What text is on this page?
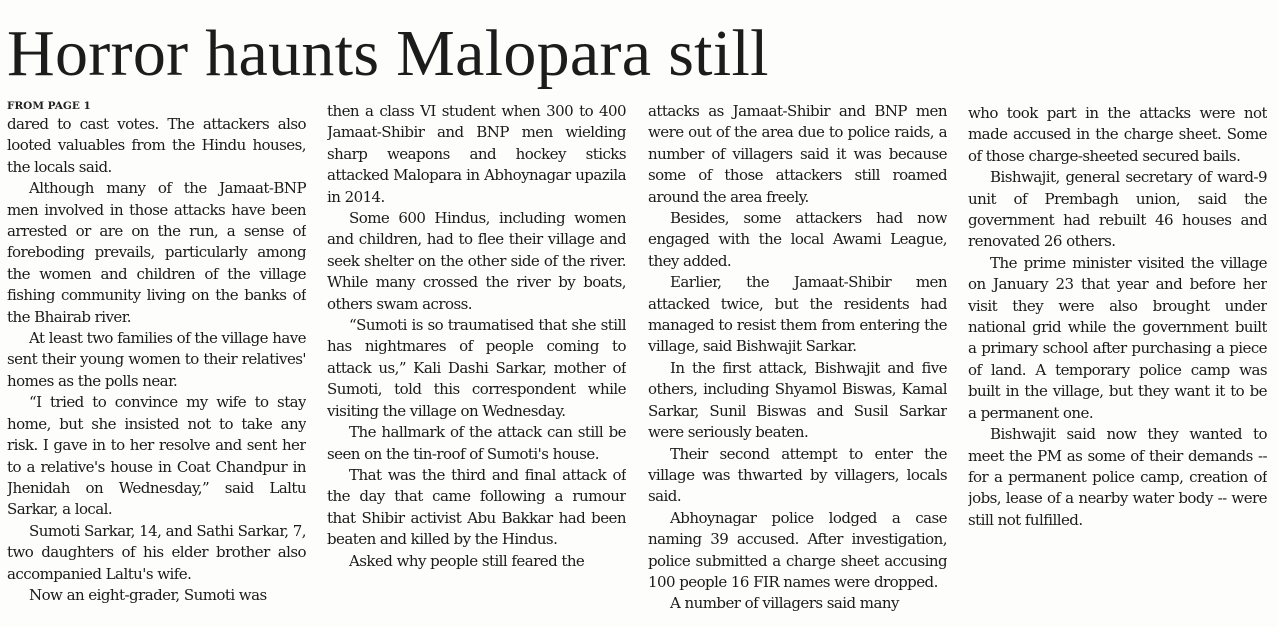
Horror haunts Malopara still
FROM PAGE 1

dared to cast votes. The attackers also looted valuables from the Hindu houses, the locals said.

Although many of the Jamaat-BNP men involved in those attacks have been arrested or are on the run, a sense of foreboding prevails, particularly among the women and children of the village fishing community living on the banks of the Bhairab river.

At least two families of the village have sent their young women to their relatives' homes as the polls near.

“I tried to convince my wife to stay home, but she insisted not to take any risk. I gave in to her resolve and sent her to a relative's house in Coat Chandpur in Jhenidah on Wednesday,” said Laltu Sarkar, a local.

Sumoti Sarkar, 14, and Sathi Sarkar, 7, two daughters of his elder brother also accompanied Laltu's wife.

Now an eight-grader, Sumoti was

then a class VI student when 300 to 400 Jamaat-Shibir and BNP men wielding sharp weapons and hockey sticks attacked Malopara in Abhoynagar upazila in 2014.

Some 600 Hindus, including women and children, had to flee their village and seek shelter on the other side of the river. While many crossed the river by boats, others swam across.

“Sumoti is so traumatised that she still has nightmares of people coming to attack us,” Kali Dashi Sarkar, mother of Sumoti, told this correspondent while visiting the village on Wednesday.

The hallmark of the attack can still be seen on the tin-roof of Sumoti's house.

That was the third and final attack of the day that came following a rumour that Shibir activist Abu Bakkar had been beaten and killed by the Hindus.

Asked why people still feared the

attacks as Jamaat-Shibir and BNP men were out of the area due to police raids, a number of villagers said it was because some of those attackers still roamed around the area freely.

Besides, some attackers had now engaged with the local Awami League, they added.

Earlier, the Jamaat-Shibir men attacked twice, but the residents had managed to resist them from entering the village, said Bishwajit Sarkar.

In the first attack, Bishwajit and five others, including Shyamol Biswas, Kamal Sarkar, Sunil Biswas and Susil Sarkar were seriously beaten.

Their second attempt to enter the village was thwarted by villagers, locals said.

Abhoynagar police lodged a case naming 39 accused. After investigation, police submitted a charge sheet accusing 100 people 16 FIR names were dropped.

A number of villagers said many

who took part in the attacks were not made accused in the charge sheet. Some of those charge-sheeted secured bails.

Bishwajit, general secretary of ward-9 unit of Prembagh union, said the government had rebuilt 46 houses and renovated 26 others.

The prime minister visited the village on January 23 that year and before her visit they were also brought under national grid while the government built a primary school after purchasing a piece of land. A temporary police camp was built in the village, but they want it to be a permanent one.

Bishwajit said now they wanted to meet the PM as some of their demands -- for a permanent police camp, creation of jobs, lease of a nearby water body -- were still not fulfilled.
